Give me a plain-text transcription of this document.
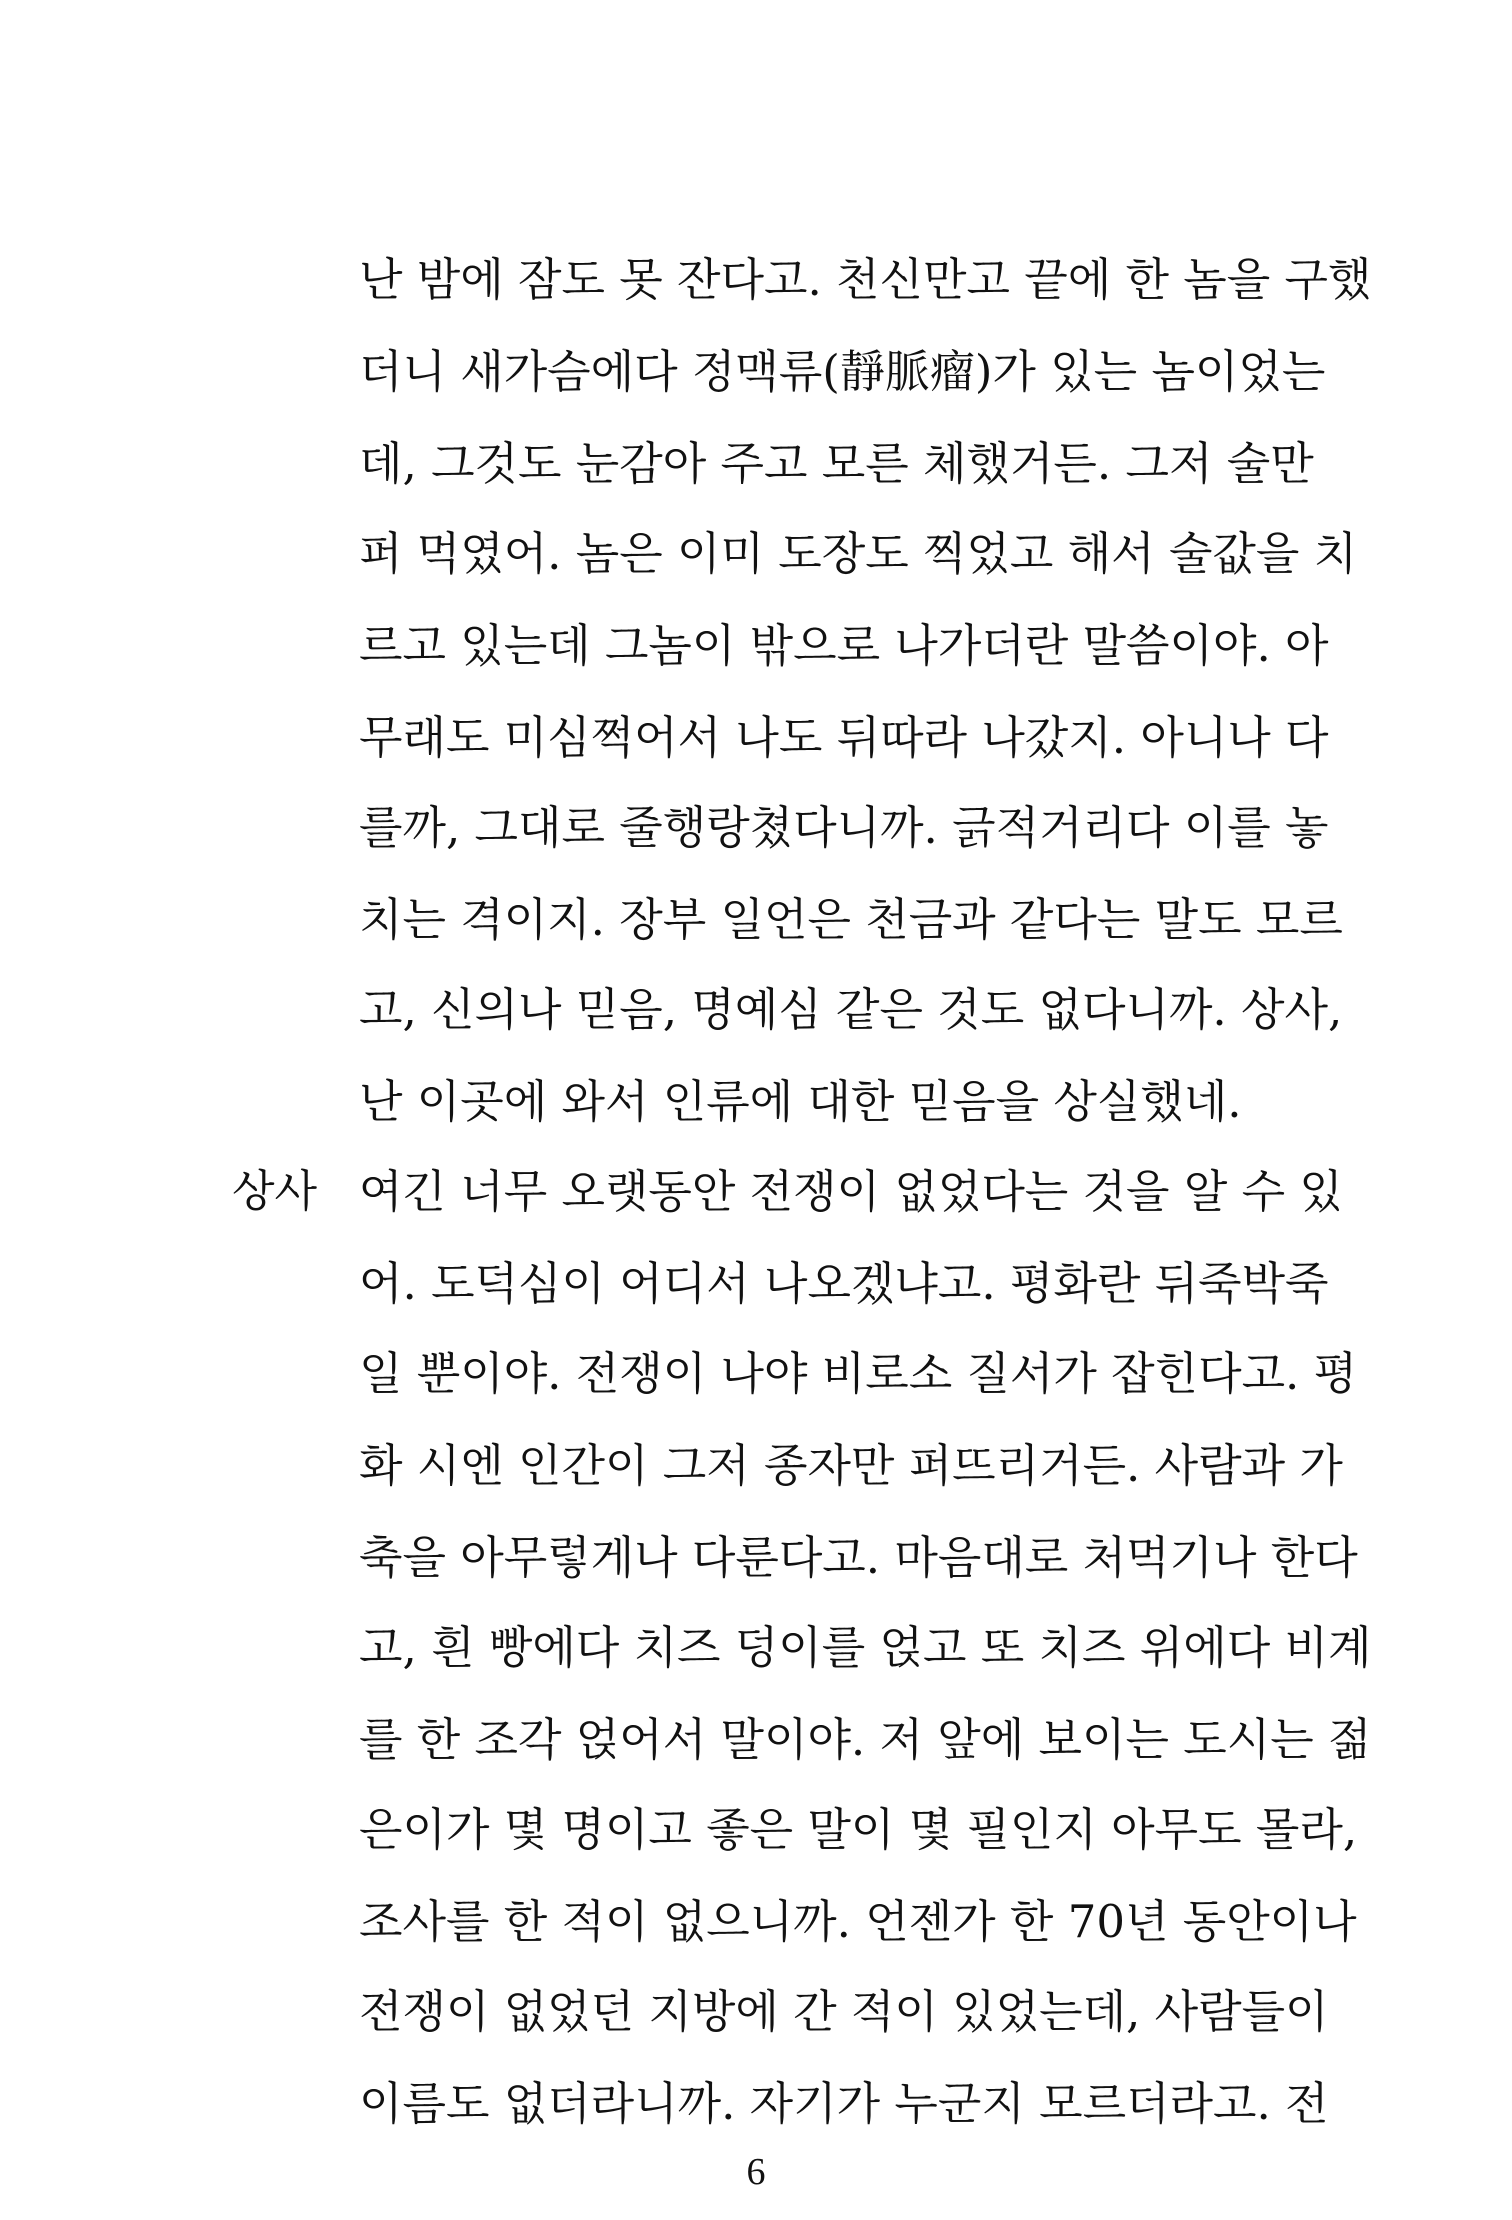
난 밤에 잠도 못 잔다고. 천신만고 끝에 한 놈을 구했
더니 새가슴에다 정맥류(靜脈瘤)가 있는 놈이었는
데, 그것도 눈감아 주고 모른 체했거든. 그저 술만
퍼 먹였어. 놈은 이미 도장도 찍었고 해서 술값을 치
르고 있는데 그놈이 밖으로 나가더란 말씀이야. 아
무래도 미심쩍어서 나도 뒤따라 나갔지. 아니나 다
를까, 그대로 줄행랑쳤다니까. 긁적거리다 이를 놓
치는 격이지. 장부 일언은 천금과 같다는 말도 모르
고, 신의나 믿음, 명예심 같은 것도 없다니까. 상사,
난 이곳에 와서 인류에 대한 믿음을 상실했네.
상사 여긴 너무 오랫동안 전쟁이 없었다는 것을 알 수 있
어. 도덕심이 어디서 나오겠냐고. 평화란 뒤죽박죽
일 뿐이야. 전쟁이 나야 비로소 질서가 잡힌다고. 평
화 시엔 인간이 그저 종자만 퍼뜨리거든. 사람과 가
축을 아무렇게나 다룬다고. 마음대로 처먹기나 한다
고, 흰 빵에다 치즈 덩이를 얹고 또 치즈 위에다 비계
를 한 조각 얹어서 말이야. 저 앞에 보이는 도시는 젊
은이가 몇 명이고 좋은 말이 몇 필인지 아무도 몰라,
조사를 한 적이 없으니까. 언젠가 한 70년 동안이나
전쟁이 없었던 지방에 간 적이 있었는데, 사람들이
이름도 없더라니까. 자기가 누군지 모르더라고. 전
6
